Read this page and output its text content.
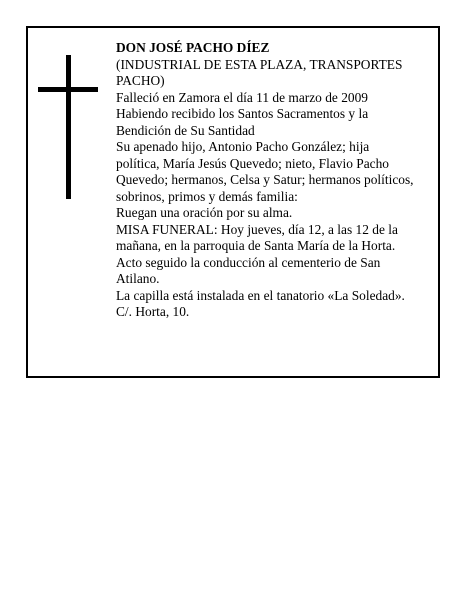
DON JOSÉ PACHO DÍEZ

(INDUSTRIAL DE ESTA PLAZA, TRANSPORTES PACHO)

Falleció en Zamora el día 11 de marzo de 2009

Habiendo recibido los Santos Sacramentos y la Bendición de Su Santidad

Su apenado hijo, Antonio Pacho González; hija política, María Jesús Quevedo; nieto, Flavio Pacho Quevedo; hermanos, Celsa y Satur; hermanos políticos, sobrinos, primos y demás familia:

Ruegan una oración por su alma.

MISA FUNERAL: Hoy jueves, día 12, a las 12 de la mañana, en la parroquia de Santa María de la Horta.

Acto seguido la conducción al cementerio de San Atilano.

La capilla está instalada en el tanatorio «La Soledad».

C/. Horta, 10.
